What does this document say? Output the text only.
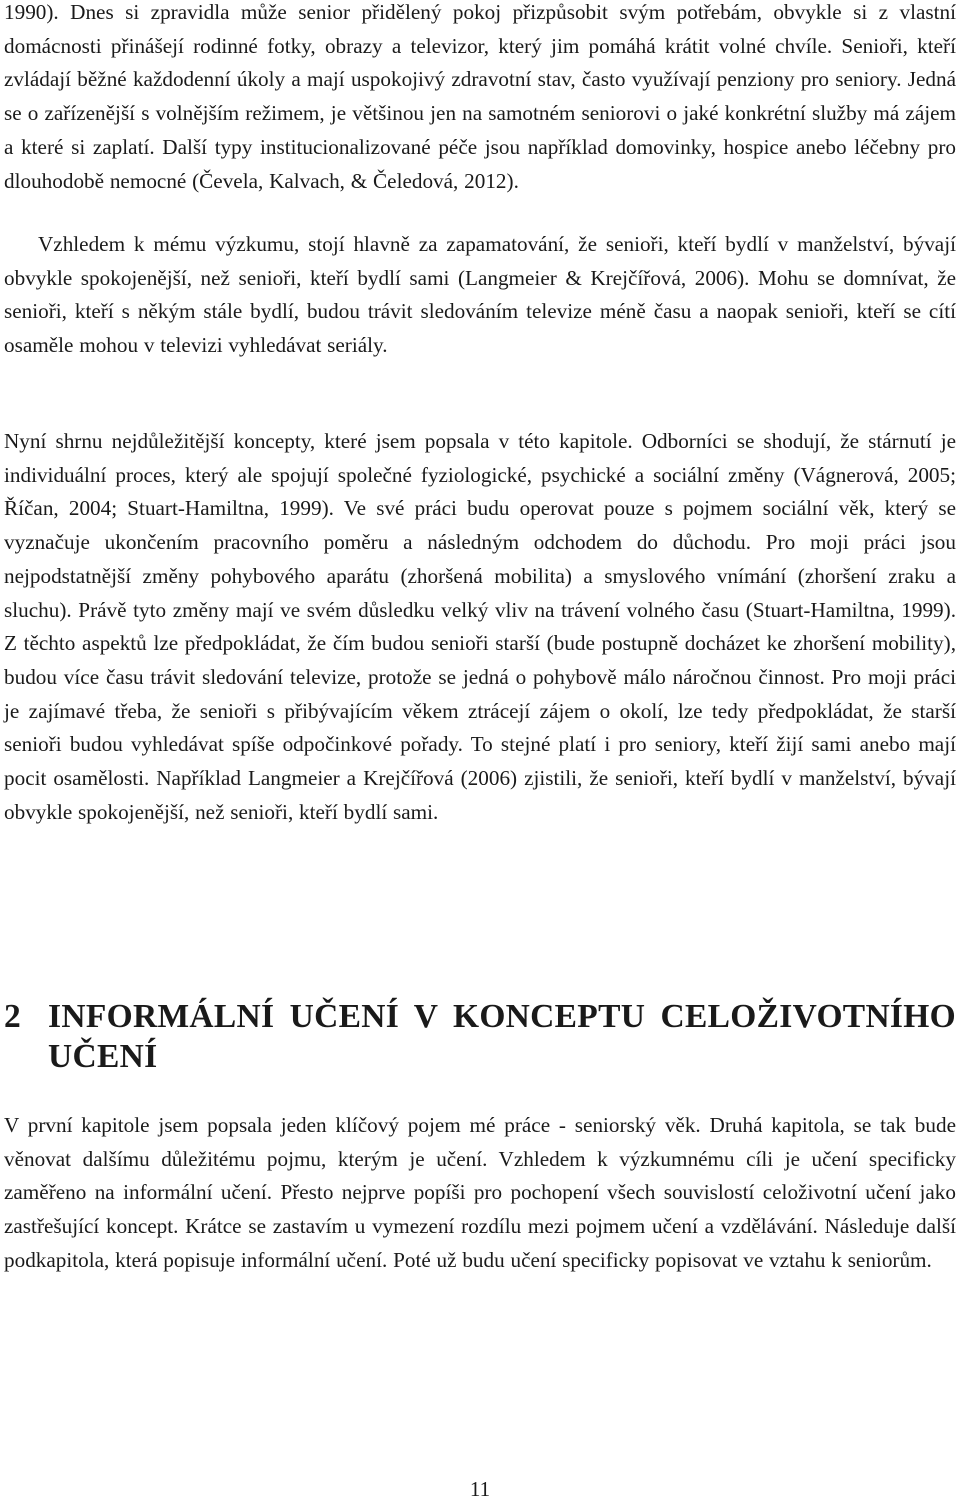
1990). Dnes si zpravidla může senior přidělený pokoj přizpůsobit svým potřebám, obvykle si z vlastní domácnosti přinášejí rodinné fotky, obrazy a televizor, který jim pomáhá krátit volné chvíle. Senioři, kteří zvládají běžné každodenní úkoly a mají uspokojivý zdravotní stav, často využívají penziony pro seniory. Jedná se o zařízenější s volnějším režimem, je většinou jen na samotném seniorovi o jaké konkrétní služby má zájem a které si zaplatí. Další typy institucionalizované péče jsou například domovinky, hospice anebo léčebny pro dlouhodobě nemocné (Čevela, Kalvach, & Čeledová, 2012).

Vzhledem k mému výzkumu, stojí hlavně za zapamatování, že senioři, kteří bydlí v manželství, bývají obvykle spokojenější, než senioři, kteří bydlí sami (Langmeier & Krejčířová, 2006). Mohu se domnívat, že senioři, kteří s někým stále bydlí, budou trávit sledováním televize méně času a naopak senioři, kteří se cítí osaměle mohou v televizi vyhledávat seriály.

Nyní shrnu nejdůležitější koncepty, které jsem popsala v této kapitole. Odborníci se shodují, že stárnutí je individuální proces, který ale spojují společné fyziologické, psychické a sociální změny (Vágnerová, 2005; Říčan, 2004; Stuart-Hamiltna, 1999). Ve své práci budu operovat pouze s pojmem sociální věk, který se vyznačuje ukončením pracovního poměru a následným odchodem do důchodu. Pro moji práci jsou nejpodstatnější změny pohybového aparátu (zhoršená mobilita) a smyslového vnímání (zhoršení zraku a sluchu). Právě tyto změny mají ve svém důsledku velký vliv na trávení volného času (Stuart-Hamiltna, 1999). Z těchto aspektů lze předpokládat, že čím budou senioři starší (bude postupně docházet ke zhoršení mobility), budou více času trávit sledování televize, protože se jedná o pohybově málo náročnou činnost. Pro moji práci je zajímavé třeba, že senioři s přibývajícím věkem ztrácejí zájem o okolí, lze tedy předpokládat, že starší senioři budou vyhledávat spíše odpočinkové pořady. To stejné platí i pro seniory, kteří žijí sami anebo mají pocit osamělosti. Například Langmeier a Krejčířová (2006) zjistili, že senioři, kteří bydlí v manželství, bývají obvykle spokojenější, než senioři, kteří bydlí sami.

2 INFORMÁLNÍ UČENÍ V KONCEPTU CELOŽIVOTNÍHO UČENÍ

V první kapitole jsem popsala jeden klíčový pojem mé práce - seniorský věk. Druhá kapitola, se tak bude věnovat dalšímu důležitému pojmu, kterým je učení. Vzhledem k výzkumnému cíli je učení specificky zaměřeno na informální učení. Přesto nejprve popíši pro pochopení všech souvislostí celoživotní učení jako zastřešující koncept. Krátce se zastavím u vymezení rozdílu mezi pojmem učení a vzdělávání. Následuje další podkapitola, která popisuje informální učení. Poté už budu učení specificky popisovat ve vztahu k seniorům.

11
